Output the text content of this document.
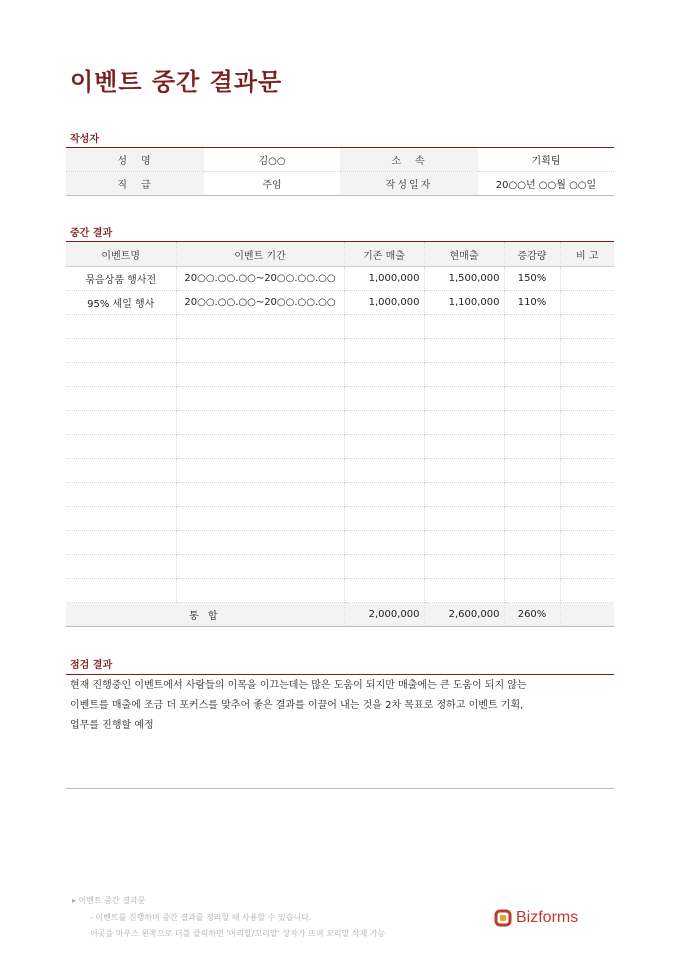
이벤트 중간 결과문
작성자
성　명	김○○	소　속	기획팀
직　급	주임	작성일자	20○○년 ○○월 ○○일
중간 결과
이벤트명	이벤트 기간	기존 매출	현매출	증감량	비 고
묶음상품 행사전	20○○.○○.○○~20○○.○○.○○	1,000,000	1,500,000	150%	
95% 세일 행사	20○○.○○.○○~20○○.○○.○○	1,000,000	1,100,000	110%	

통 합		2,000,000	2,600,000	260%	
점검 결과
현재 진행중인 이벤트에서 사람들의 이목을 이끄는데는 많은 도움이 되지만 매출에는 큰 도움이 되지 않는
이벤트를 매출에 조금 더 포커스를 맞추어 좋은 결과를 이끌어 내는 것을 2차 목표로 정하고 이벤트 기획,
업무를 진행할 예정
▸ 이벤트 중간 결과문
- 이벤트를 진행하며 중간 결과를 정리할 때 사용할 수 있습니다.
이곳을 마우스 왼쪽으로 더블 클릭하면 '머리말/꼬리말' 상자가 뜨며 꼬리말 삭제 가능
Bizforms
